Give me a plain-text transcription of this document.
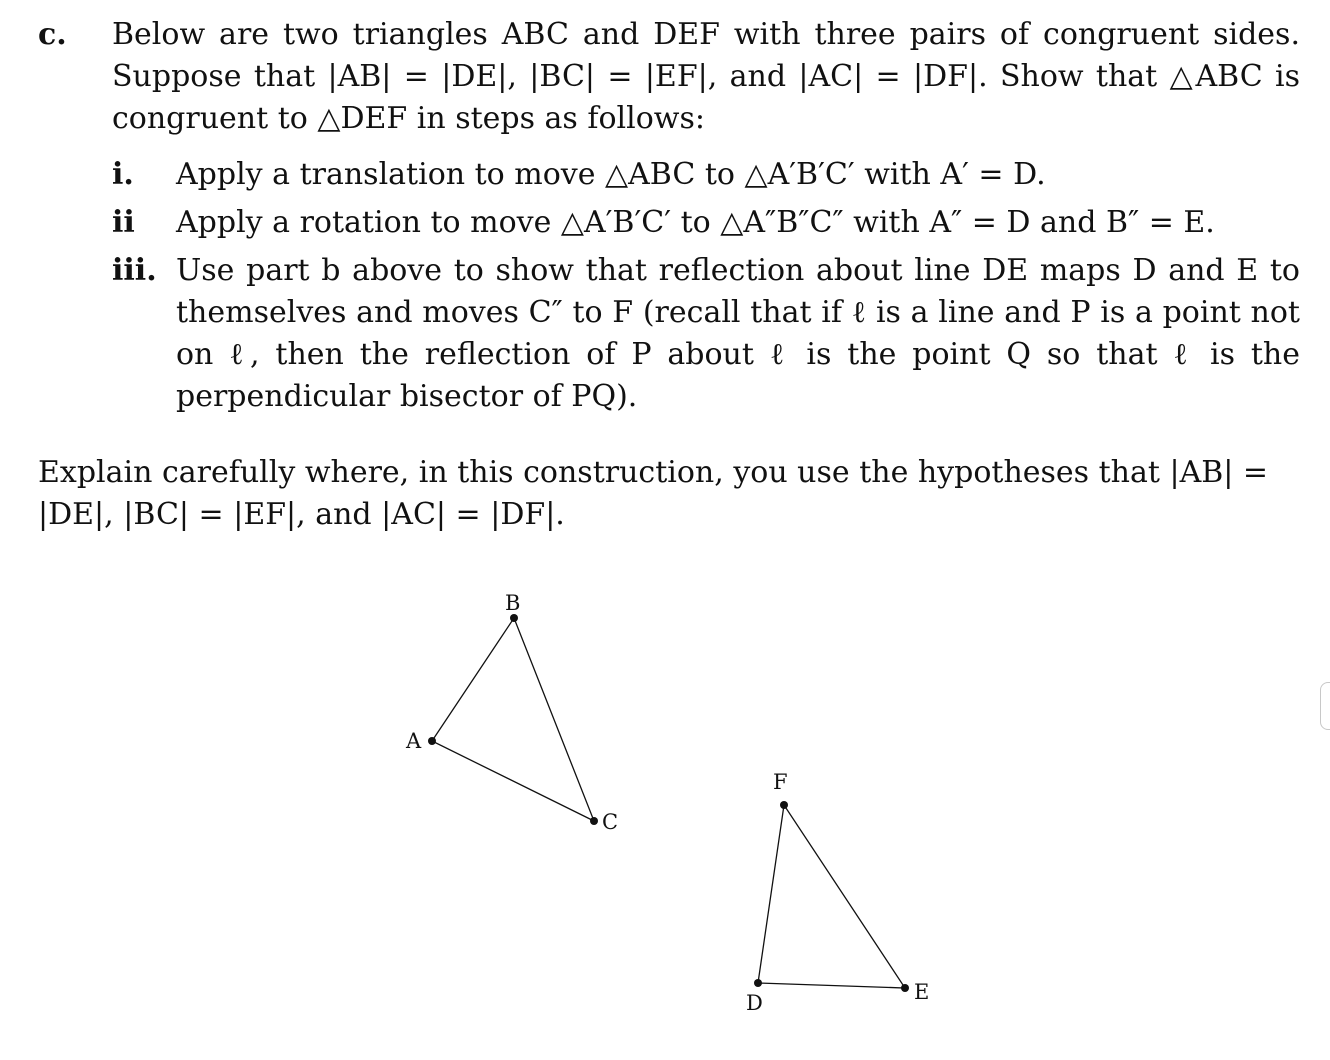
c. Below are two triangles ABC and DEF with three pairs of congruent sides. Suppose that |AB| = |DE|, |BC| = |EF|, and |AC| = |DF|. Show that △ABC is congruent to △DEF in steps as follows:
i. Apply a translation to move △ABC to △A′B′C′ with A′ = D.
ii Apply a rotation to move △A′B′C′ to △A″B″C″ with A″ = D and B″ = E.
iii. Use part b above to show that reflection about line DE maps D and E to themselves and moves C″ to F (recall that if ℓ is a line and P is a point not on ℓ, then the reflection of P about ℓ is the point Q so that ℓ is the perpendicular bisector of PQ).
Explain carefully where, in this construction, you use the hypotheses that |AB| = |DE|, |BC| = |EF|, and |AC| = |DF|.
A
B
C
D
F
E
